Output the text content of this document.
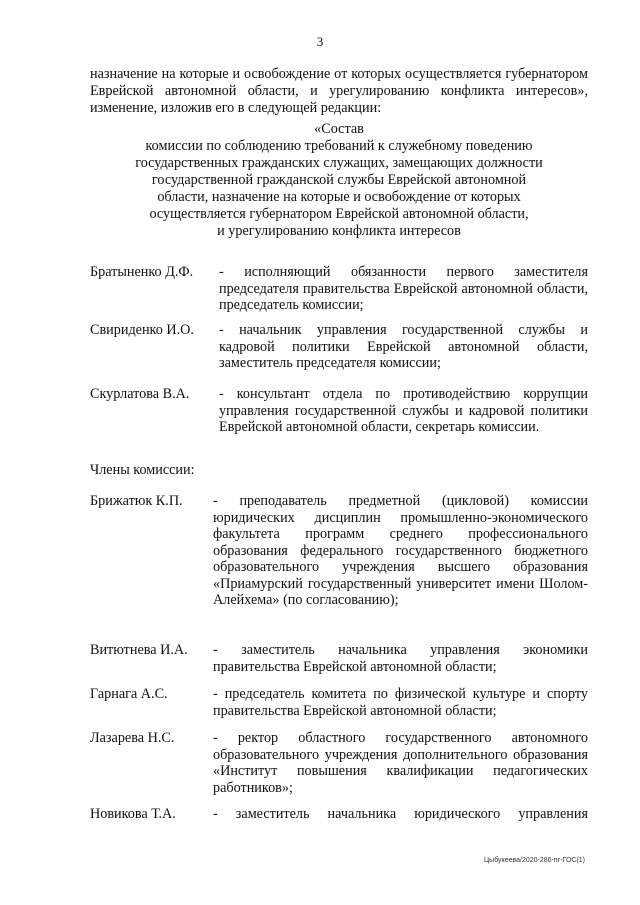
3

назначение на которые и освобождение от которых осуществляется губернатором Еврейской автономной области, и урегулированию конфликта интересов», изменение, изложив его в следующей редакции:

«Состав
комиссии по соблюдению требований к служебному поведению
государственных гражданских служащих, замещающих должности
государственной гражданской службы Еврейской автономной
области, назначение на которые и освобождение от которых
осуществляется губернатором Еврейской автономной области,
и урегулированию конфликта интересов
Братыненко Д.Ф. - исполняющий обязанности первого заместителя председателя правительства Еврейской автономной области, председатель комиссии;
Свириденко И.О. - начальник управления государственной службы и кадровой политики Еврейской автономной области, заместитель председателя комиссии;
Скурлатова В.А. - консультант отдела по противодействию коррупции управления государственной службы и кадровой политики Еврейской автономной области, секретарь комиссии.
Члены комиссии:
Брижатюк К.П. - преподаватель предметной (цикловой) комиссии юридических дисциплин промышленно-экономического факультета программ среднего профессионального образования федерального государственного бюджетного образовательного учреждения высшего образования «Приамурский государственный университет имени Шолом-Алейхема» (по согласованию);
Витютнева И.А. - заместитель начальника управления экономики правительства Еврейской автономной области;
Гарнага А.С.	- председатель комитета по физической культуре и спорту правительства Еврейской автономной области;
Лазарева Н.С.	- ректор областного государственного автономного образовательного учреждения дополнительного образования «Институт повышения квалификации педагогических работников»;
Новикова Т.А.	- заместитель начальника юридического управления
Цыбукеева/2020-286-пг-ГОС(1)
